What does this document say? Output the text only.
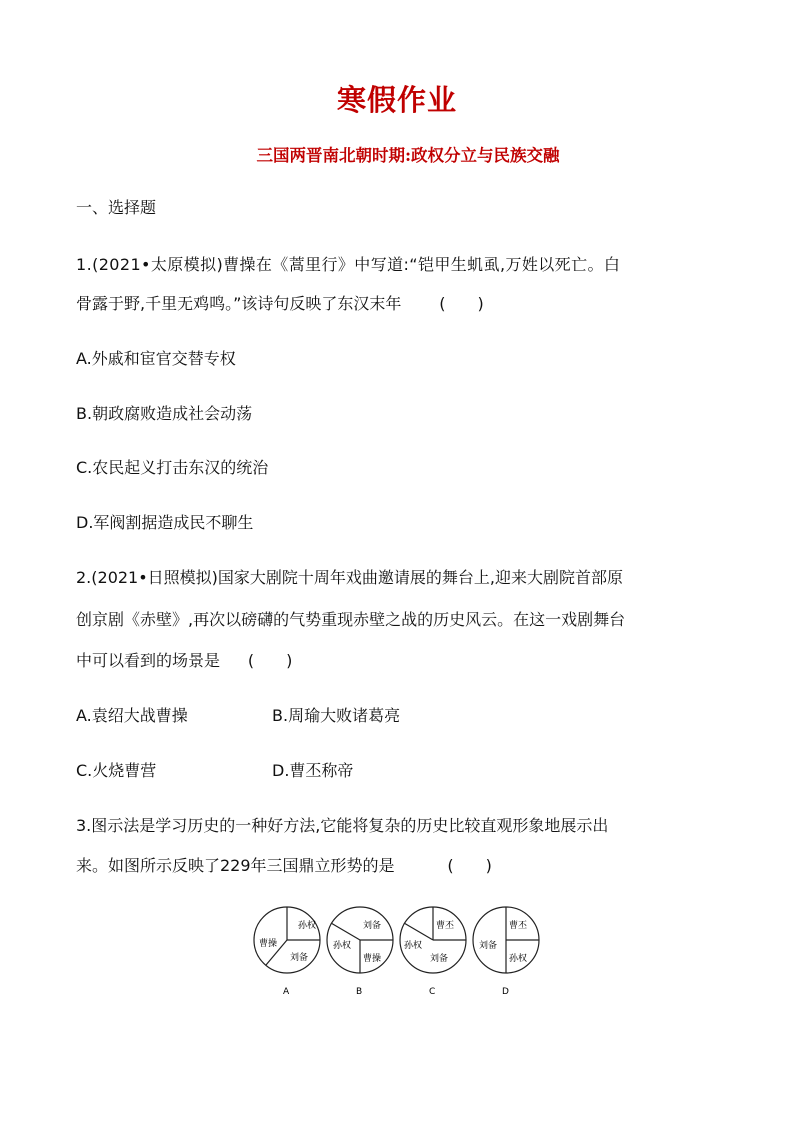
寒假作业
三国两晋南北朝时期:政权分立与民族交融
一、选择题
1.(2021•太原模拟)曹操在《蒿里行》中写道:“铠甲生虮虱,万姓以死亡。白
骨露于野,千里无鸡鸣。”该诗句反映了东汉末年 (　　)
A.外戚和宦官交替专权
B.朝政腐败造成社会动荡
C.农民起义打击东汉的统治
D.军阀割据造成民不聊生
2.(2021•日照模拟)国家大剧院十周年戏曲邀请展的舞台上,迎来大剧院首部原
创京剧《赤壁》,再次以磅礴的气势重现赤壁之战的历史风云。在这一戏剧舞台
中可以看到的场景是 (　　)
A.袁绍大战曹操	B.周瑜大败诸葛亮
C.火烧曹营	D.曹丕称帝
3.图示法是学习历史的一种好方法,它能将复杂的历史比较直观形象地展示出
来。如图所示反映了229年三国鼎立形势的是	(　　)
孙权
曹操
刘备
A
刘备
孙权
曹操
B
曹丕
孙权
刘备
C
曹丕
刘备
孙权
D
